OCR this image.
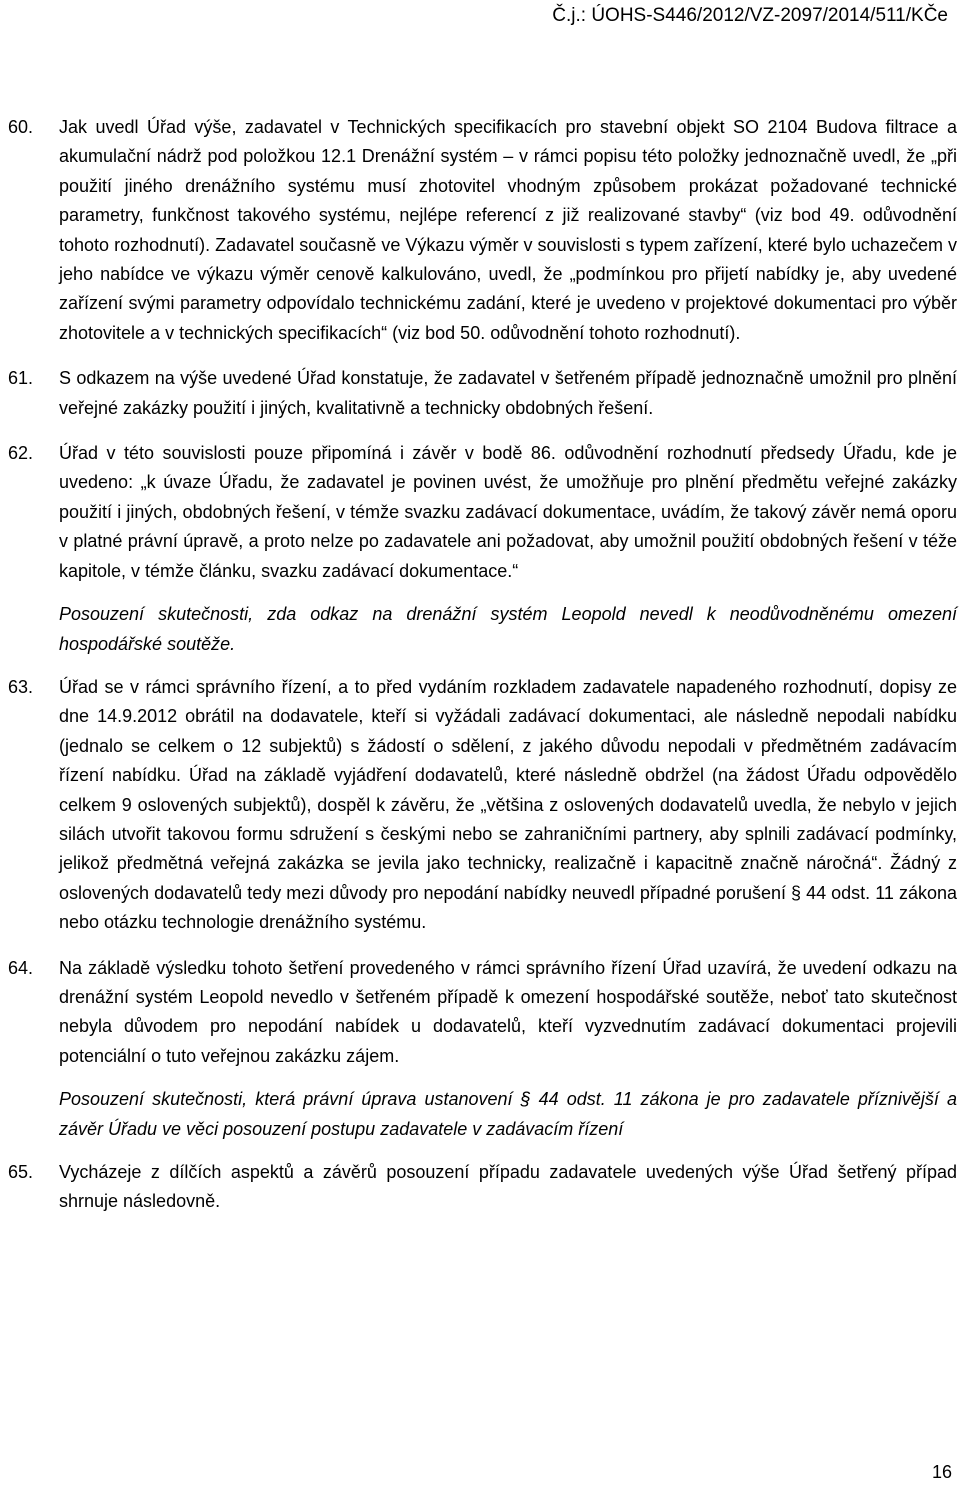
Č.j.: ÚOHS-S446/2012/VZ-2097/2014/511/KČe
60.	Jak uvedl Úřad výše, zadavatel v Technických specifikacích pro stavební objekt SO 2104 Budova filtrace a akumulační nádrž pod položkou 12.1 Drenážní systém – v rámci popisu této položky jednoznačně uvedl, že „při použití jiného drenážního systému musí zhotovitel vhodným způsobem prokázat požadované technické parametry, funkčnost takového systému, nejlépe referencí z již realizované stavby“ (viz bod 49. odůvodnění tohoto rozhodnutí). Zadavatel současně ve Výkazu výměr v souvislosti s typem zařízení, které bylo uchazečem v jeho nabídce ve výkazu výměr cenově kalkulováno, uvedl, že „podmínkou pro přijetí nabídky je, aby uvedené zařízení svými parametry odpovídalo technickému zadání, které je uvedeno v projektové dokumentaci pro výběr zhotovitele a v technických specifikacích“ (viz bod 50. odůvodnění tohoto rozhodnutí).

61.	S odkazem na výše uvedené Úřad konstatuje, že zadavatel v šetřeném případě jednoznačně umožnil pro plnění veřejné zakázky použití i jiných, kvalitativně a technicky obdobných řešení.

62.	Úřad v této souvislosti pouze připomíná i závěr v bodě 86. odůvodnění rozhodnutí předsedy Úřadu, kde je uvedeno: „k úvaze Úřadu, že zadavatel je povinen uvést, že umožňuje pro plnění předmětu veřejné zakázky použití i jiných, obdobných řešení, v témže svazku zadávací dokumentace, uvádím, že takový závěr nemá oporu v platné právní úpravě, a proto nelze po zadavatele ani požadovat, aby umožnil použití obdobných řešení v téže kapitole, v témže článku, svazku zadávací dokumentace.“

Posouzení skutečnosti, zda odkaz na drenážní systém Leopold nevedl k neodůvodněnému omezení hospodářské soutěže.

63.	Úřad se v rámci správního řízení, a to před vydáním rozkladem zadavatele napadeného rozhodnutí, dopisy ze dne 14.9.2012 obrátil na dodavatele, kteří si vyžádali zadávací dokumentaci, ale následně nepodali nabídku (jednalo se celkem o 12 subjektů) s žádostí o sdělení, z jakého důvodu nepodali v předmětném zadávacím řízení nabídku. Úřad na základě vyjádření dodavatelů, které následně obdržel (na žádost Úřadu odpovědělo celkem 9 oslovených subjektů), dospěl k závěru, že „většina z oslovených dodavatelů uvedla, že nebylo v jejich silách utvořit takovou formu sdružení s českými nebo se zahraničními partnery, aby splnili zadávací podmínky, jelikož předmětná veřejná zakázka se jevila jako technicky, realizačně i kapacitně značně náročná“. Žádný z oslovených dodavatelů tedy mezi důvody pro nepodání nabídky neuvedl případné porušení § 44 odst. 11 zákona nebo otázku technologie drenážního systému.

64.	Na základě výsledku tohoto šetření provedeného v rámci správního řízení Úřad uzavírá, že uvedení odkazu na drenážní systém Leopold nevedlo v šetřeném případě k omezení hospodářské soutěže, neboť tato skutečnost nebyla důvodem pro nepodání nabídek u dodavatelů, kteří vyzvednutím zadávací dokumentaci projevili potenciální o tuto veřejnou zakázku zájem.

Posouzení skutečnosti, která právní úprava ustanovení § 44 odst. 11 zákona je pro zadavatele příznivější a závěr Úřadu ve věci posouzení postupu zadavatele v zadávacím řízení

65.	Vycházeje z dílčích aspektů a závěrů posouzení případu zadavatele uvedených výše Úřad šetřený případ shrnuje následovně.

16
